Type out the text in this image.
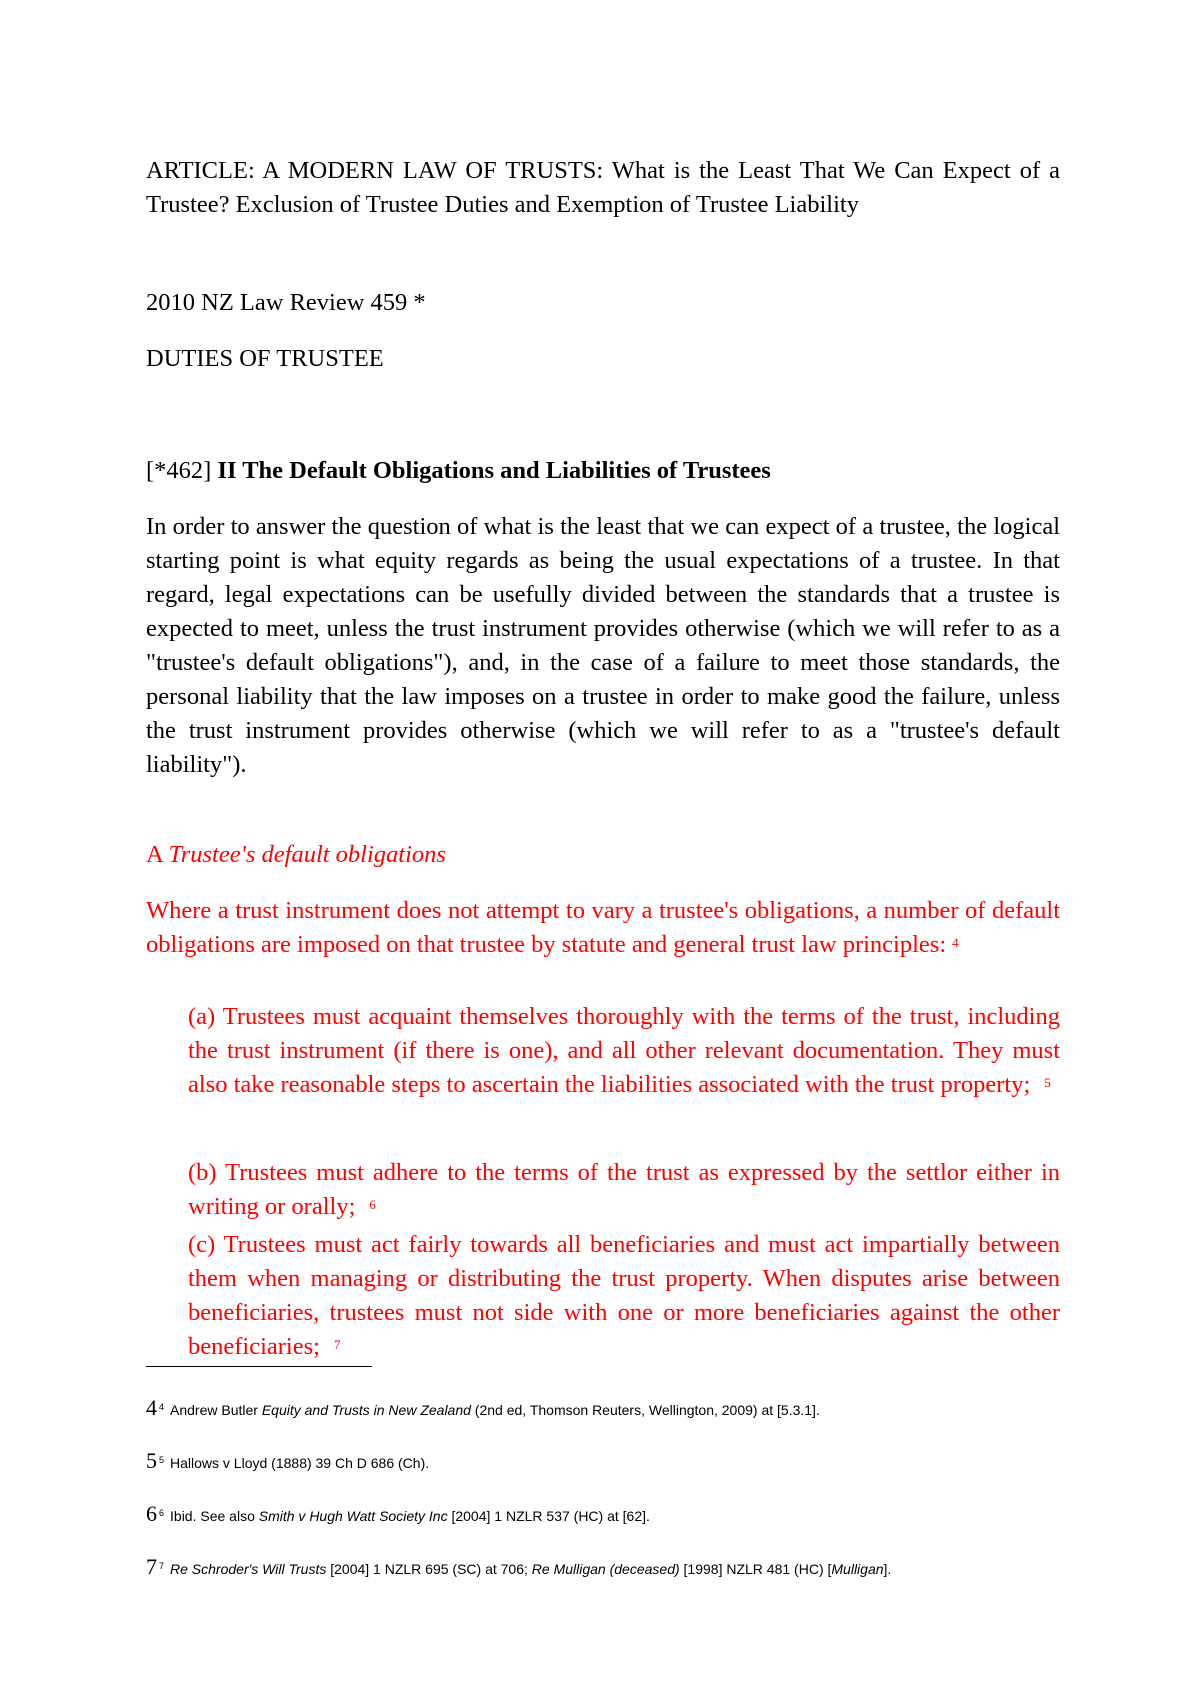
ARTICLE: A MODERN LAW OF TRUSTS: What is the Least That We Can Expect of a Trustee? Exclusion of Trustee Duties and Exemption of Trustee Liability
2010 NZ Law Review 459 *
DUTIES OF TRUSTEE
[*462] II The Default Obligations and Liabilities of Trustees
In order to answer the question of what is the least that we can expect of a trustee, the logical starting point is what equity regards as being the usual expectations of a trustee. In that regard, legal expectations can be usefully divided between the standards that a trustee is expected to meet, unless the trust instrument provides otherwise (which we will refer to as a "trustee's default obligations"), and, in the case of a failure to meet those standards, the personal liability that the law imposes on a trustee in order to make good the failure, unless the trust instrument provides otherwise (which we will refer to as a "trustee's default liability").
A Trustee's default obligations
Where a trust instrument does not attempt to vary a trustee's obligations, a number of default obligations are imposed on that trustee by statute and general trust law principles: $^4$
(a) Trustees must acquaint themselves thoroughly with the terms of the trust, including the trust instrument (if there is one), and all other relevant documentation. They must also take reasonable steps to ascertain the liabilities associated with the trust property; $^5$
(b) Trustees must adhere to the terms of the trust as expressed by the settlor either in writing or orally; $^6$
(c) Trustees must act fairly towards all beneficiaries and must act impartially between them when managing or distributing the trust property. When disputes arise between beneficiaries, trustees must not side with one or more beneficiaries against the other beneficiaries; $^7$
4 $^4$ Andrew Butler Equity and Trusts in New Zealand (2nd ed, Thomson Reuters, Wellington, 2009) at [5.3.1].
5 $^5$ Hallows v Lloyd (1888) 39 Ch D 686 (Ch).
6 $^6$ Ibid. See also Smith v Hugh Watt Society Inc [2004] 1 NZLR 537 (HC) at [62].
7 $^7$ Re Schroder's Will Trusts [2004] 1 NZLR 695 (SC) at 706; Re Mulligan (deceased) [1998] NZLR 481 (HC) [Mulligan].
